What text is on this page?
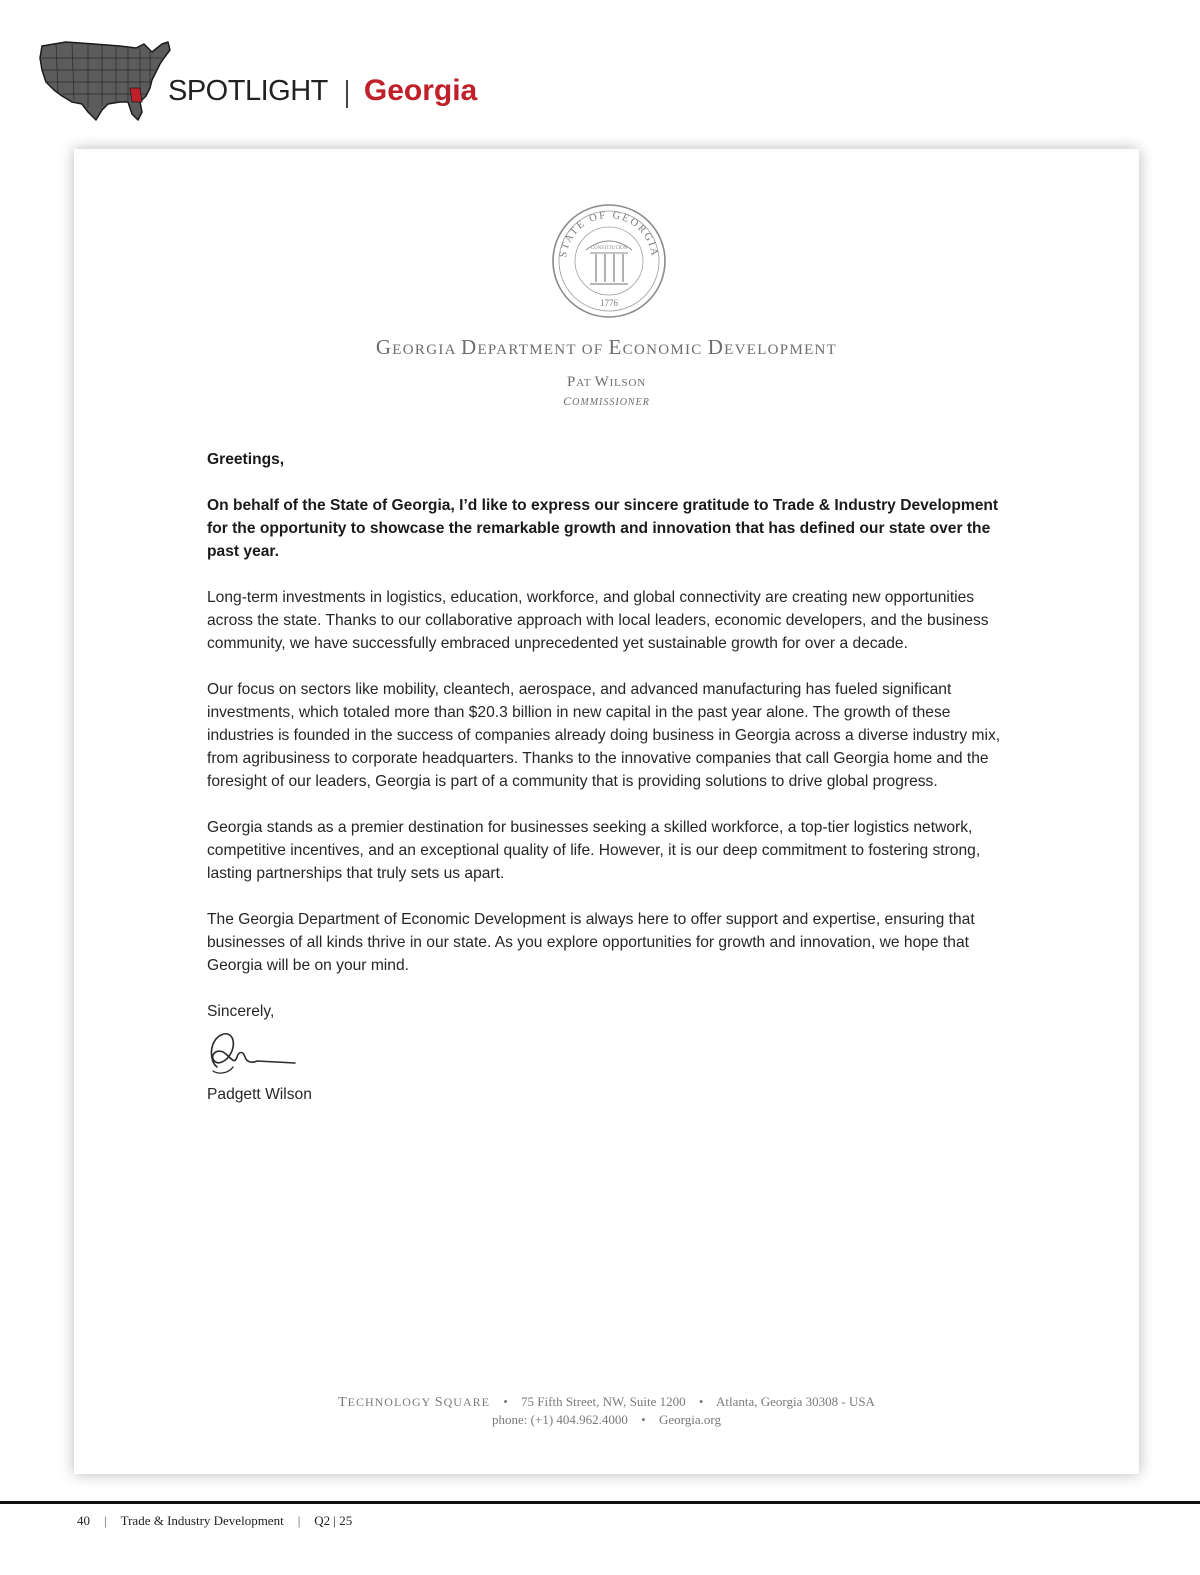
SPOTLIGHT Georgia
STATE OF GEORGIA
CONSTITUTION
1776
GEORGIA DEPARTMENT OF ECONOMIC DEVELOPMENT
PAT WILSON
COMMISSIONER

Greetings,

On behalf of the State of Georgia, I’d like to express our sincere gratitude to Trade & Industry Development for the opportunity to showcase the remarkable growth and innovation that has defined our state over the past year.

Long-term investments in logistics, education, workforce, and global connectivity are creating new opportunities across the state. Thanks to our collaborative approach with local leaders, economic developers, and the business community, we have successfully embraced unprecedented yet sustainable growth for over a decade.

Our focus on sectors like mobility, cleantech, aerospace, and advanced manufacturing has fueled significant investments, which totaled more than $20.3 billion in new capital in the past year alone. The growth of these industries is founded in the success of companies already doing business in Georgia across a diverse industry mix, from agribusiness to corporate headquarters. Thanks to the innovative companies that call Georgia home and the foresight of our leaders, Georgia is part of a community that is providing solutions to drive global progress.

Georgia stands as a premier destination for businesses seeking a skilled workforce, a top-tier logistics network, competitive incentives, and an exceptional quality of life. However, it is our deep commitment to fostering strong, lasting partnerships that truly sets us apart.

The Georgia Department of Economic Development is always here to offer support and expertise, ensuring that businesses of all kinds thrive in our state. As you explore opportunities for growth and innovation, we hope that Georgia will be on your mind.

Sincerely,
Padgett Wilson
TECHNOLOGY SQUARE • 75 Fifth Street, NW, Suite 1200 • Atlanta, Georgia 30308 - USA
phone: (+1) 404.962.4000 • Georgia.org
40 | Trade & Industry Development | Q2 | 25
